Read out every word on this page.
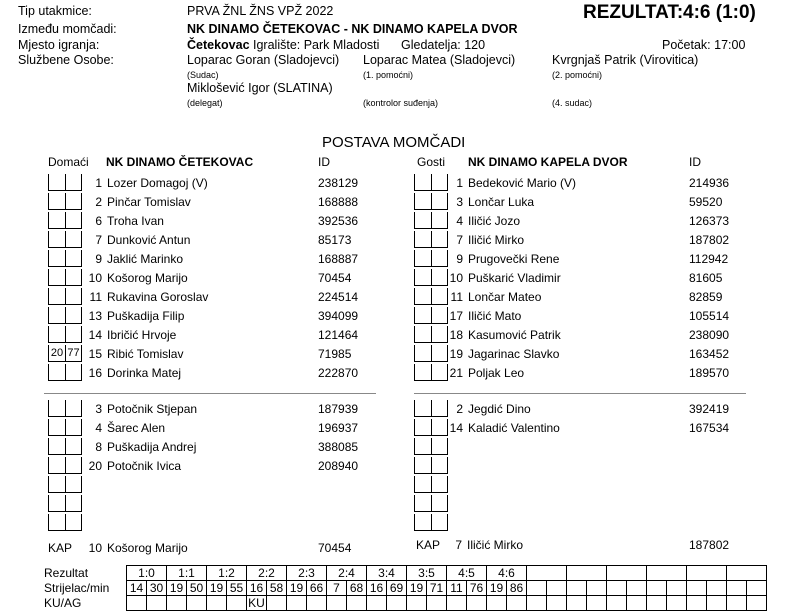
Tip utakmice:	PRVA ŽNL ŽNS VPŽ 2022	REZULTAT: 4:6 (1:0)
Između momčadi:	NK DINAMO ČETEKOVAC - NK DINAMO KAPELA DVOR
Mjesto igranja:	Četekovac Igralište: Park Mladosti Gledatelja: 120	Početak: 17:00
Službene Osobe:	Loparac Goran (Sladojevci)
(Sudac)
Loparac Matea (Sladojevci)
(1. pomoćni)
Kvrgnjaš Patrik (Virovitica)
(2. pomoćni)
Miklošević Igor (SLATINA)
(delegat)	(kontrolor suđenja)	(4. sudac)
POSTAVA MOMČADI
Domaći NK DINAMO ČETEKOVAC	ID	Gosti NK DINAMO KAPELA DVOR	ID
1 Lozer Domagoj (V)	238129
2 Pinčar Tomislav	168888
6 Troha Ivan	392536
7 Dunković Antun	85173
9 Jaklić Marinko	168887
10 Košorog Marijo	70454
11 Rukavina Goroslav	224514
13 Puškadija Filip	394099
14 Ibričić Hrvoje	121464
20 77 15 Ribić Tomislav	71985
16 Dorinka Matej	222870
3 Potočnik Stjepan	187939
4 Šarec Alen	196937
8 Puškadija Andrej	388085
20 Potočnik Ivica	208940
1 Bedeković Mario (V)	214936
3 Lončar Luka	59520
4 Iličić Jozo	126373
7 Iličić Mirko	187802
9 Prugovečki Rene	112942
10 Puškarić Vladimir	81605
11 Lončar Mateo	82859
17 Iličić Mato	105514
18 Kasumović Patrik	238090
19 Jagarinac Slavko	163452
21 Poljak Leo	189570
2 Jegdić Dino	392419
14 Kaladić Valentino	167534
KAP 10 Košorog Marijo	70454	KAP	7 Iličić Mirko	187802
Rezultat	1:0		1:1		1:2		2:2		2:3		2:4		3:4		3:5		4:5		4:6													
Strijelac/min	14	30	19	50	19	55	16	58	19	66	7	68	16	69	19	71	11	76	19	86												
KU/AG							KU																									
